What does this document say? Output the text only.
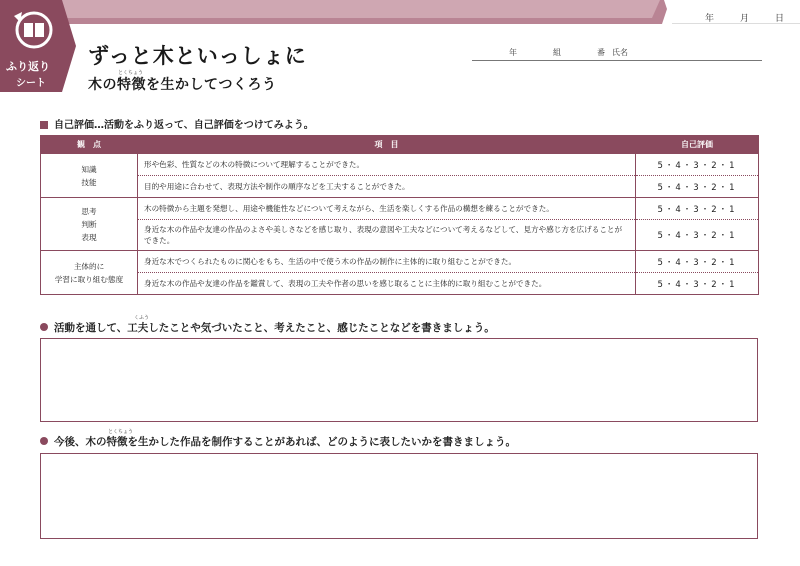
ふり返り
シート
年	月	日
ずっと木といっしょに
とくちょう
木の特徴を生かしてつくろう
年	組	番 氏名
自己評価…活動をふり返って、自己評価をつけてみよう。
観　点	項　目	自己評価
知識
技能	形や色彩、性質などの木の特徴について理解することができた。	5・4・3・2・1
	目的や用途に合わせて、表現方法や制作の順序などを工夫することができた。	5・4・3・2・1
思考
判断
表現	木の特徴から主題を発想し、用途や機能性などについて考えながら、生活を楽しくする作品の構想を練ることができた。	5・4・3・2・1
	身近な木の作品や友達の作品のよさや美しさなどを感じ取り、表現の意図や工夫などについて考えるなどして、見方や感じ方を広げることができた。	5・4・3・2・1
主体的に
学習に取り組む態度	身近な木でつくられたものに関心をもち、生活の中で使う木の作品の制作に主体的に取り組むことができた。	5・4・3・2・1
	身近な木の作品や友達の作品を鑑賞して、表現の工夫や作者の思いを感じ取ることに主体的に取り組むことができた。	5・4・3・2・1
くふう
活動を通して、工夫したことや気づいたこと、考えたこと、感じたことなどを書きましょう。
とくちょう
今後、木の特徴を生かした作品を制作することがあれば、どのように表したいかを書きましょう。
